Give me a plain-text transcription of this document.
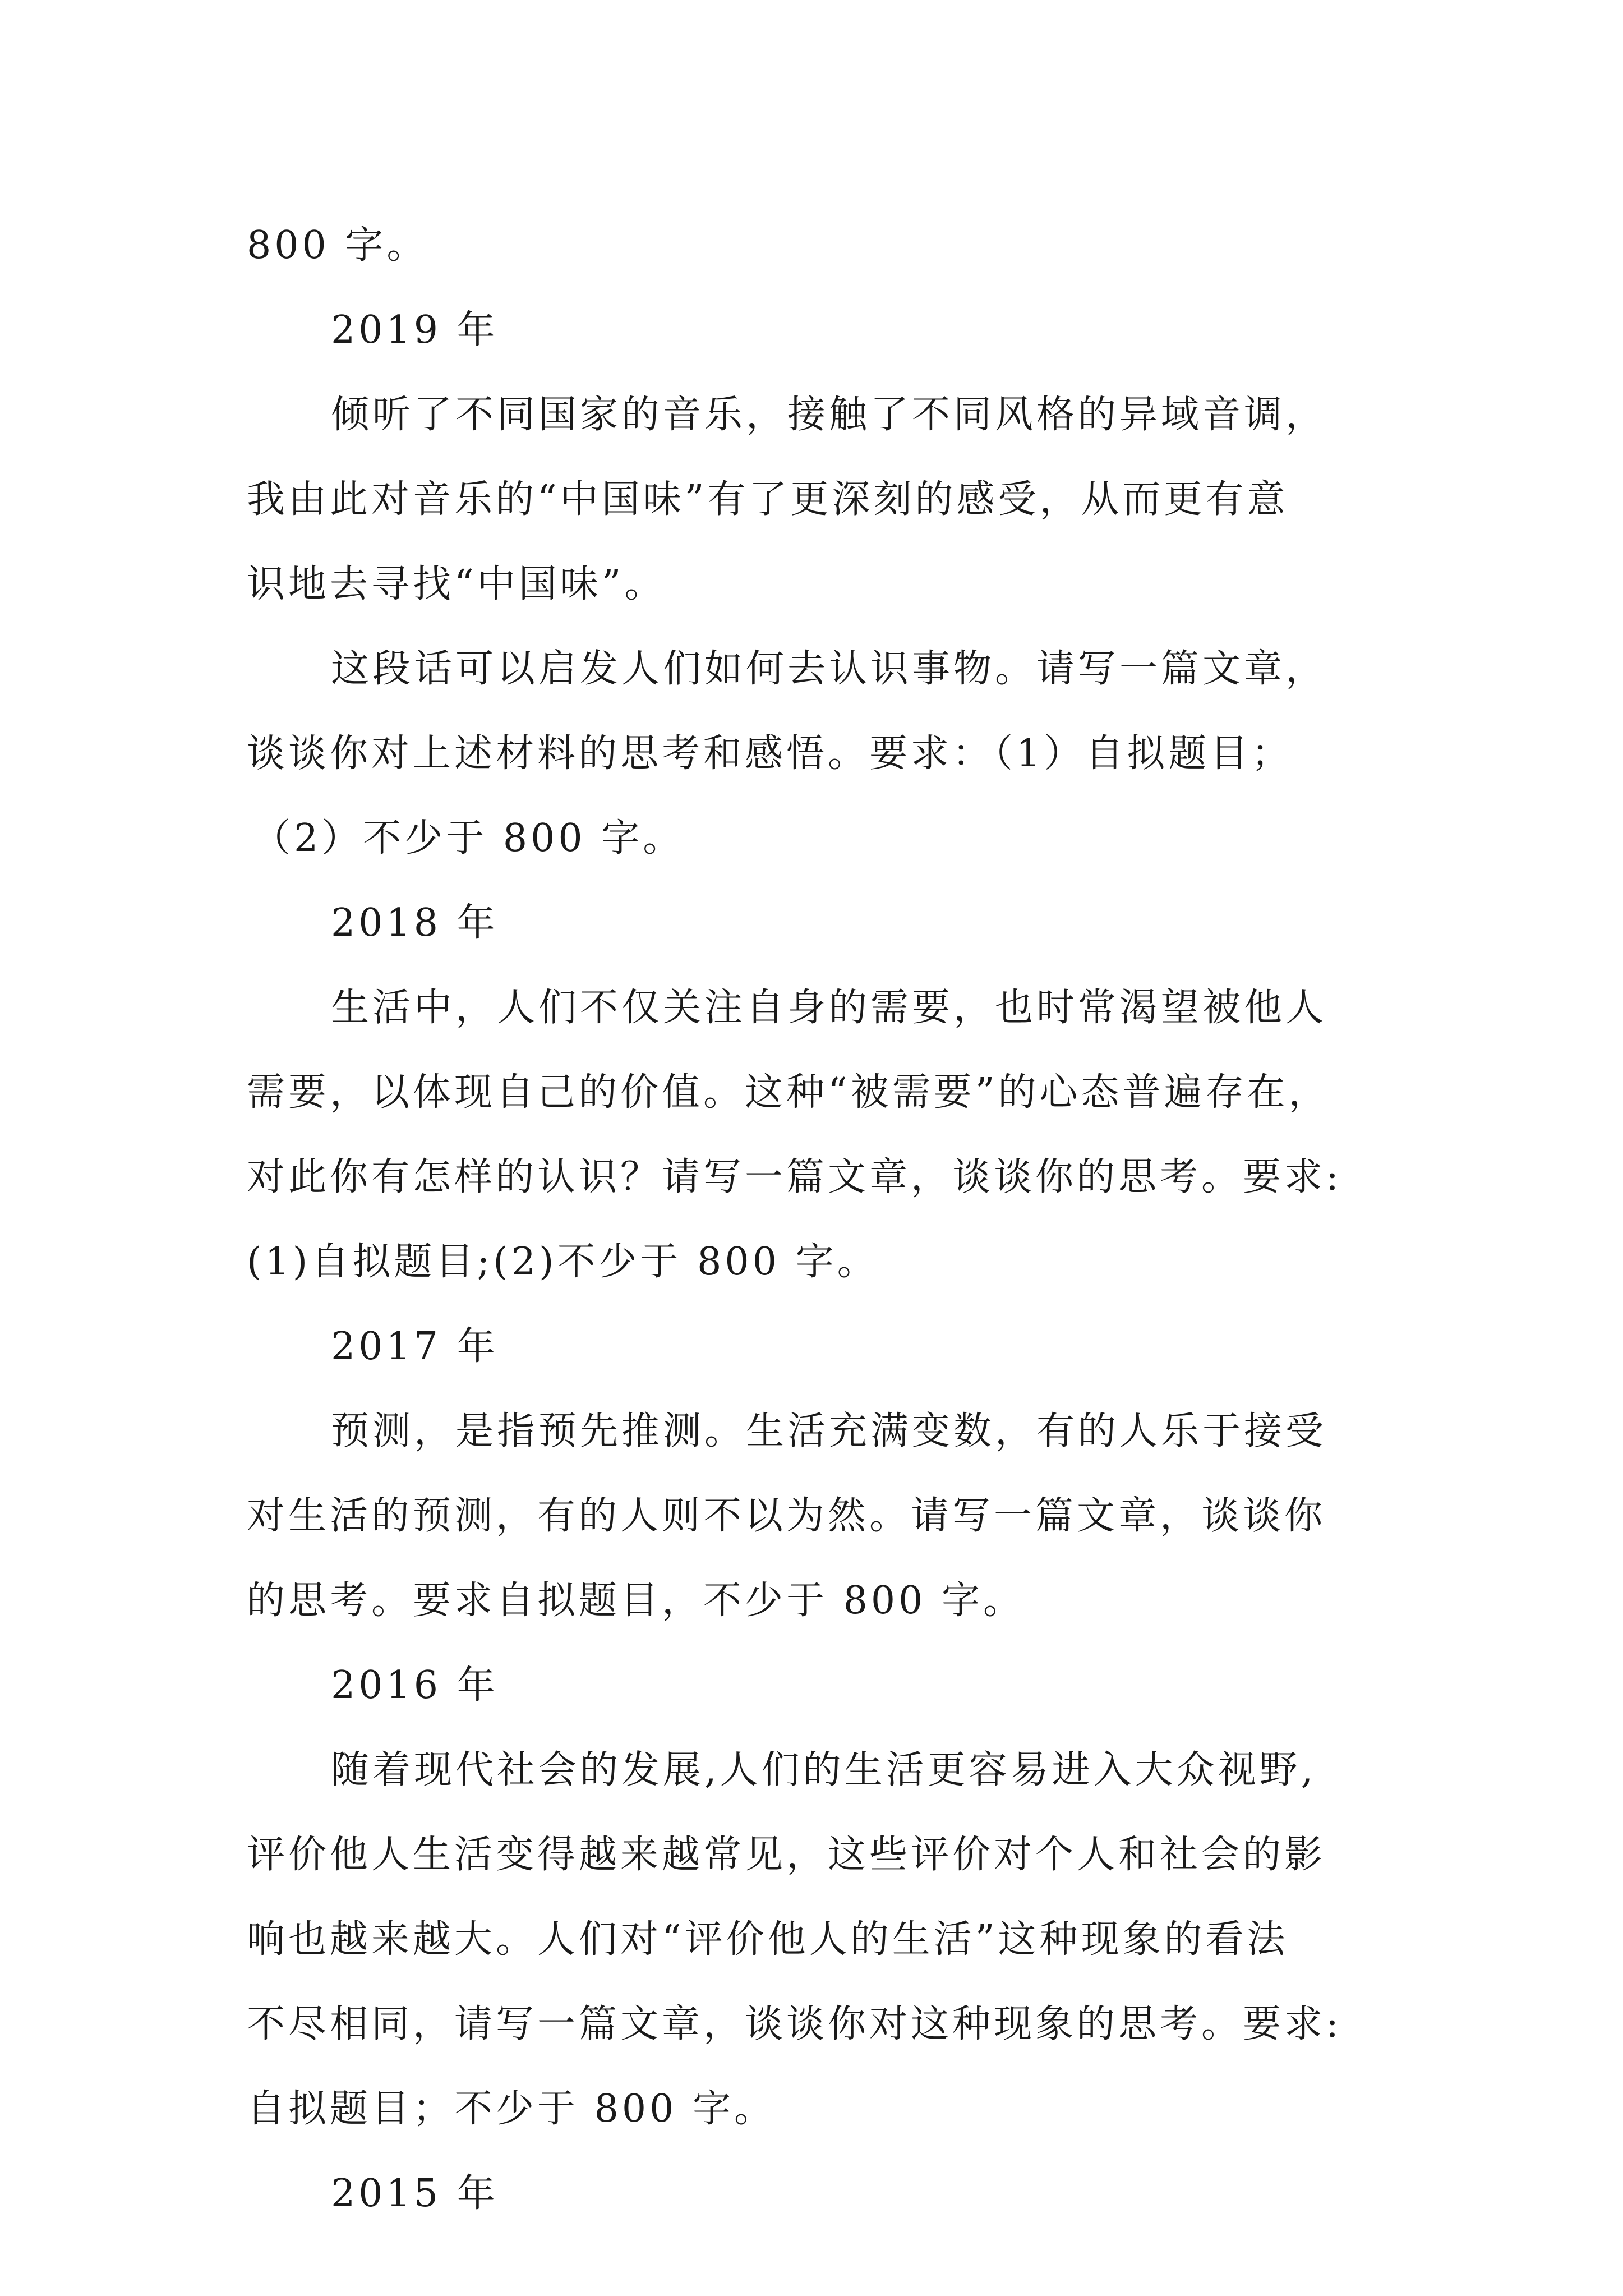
800 字。
2019 年
倾听了不同国家的音乐，接触了不同风格的异域音调，
我由此对音乐的“中国味”有了更深刻的感受，从而更有意
识地去寻找“中国味”。
这段话可以启发人们如何去认识事物。请写一篇文章，
谈谈你对上述材料的思考和感悟。要求：（1）自拟题目；
（2）不少于 800 字。
2018 年
生活中，人们不仅关注自身的需要，也时常渴望被他人
需要，以体现自己的价值。这种“被需要”的心态普遍存在，
对此你有怎样的认识？请写一篇文章，谈谈你的思考。要求:
(1)自拟题目;(2)不少于 800 字。
2017 年
预测，是指预先推测。生活充满变数，有的人乐于接受
对生活的预测，有的人则不以为然。请写一篇文章，谈谈你
的思考。要求自拟题目，不少于 800 字。
2016 年
随着现代社会的发展,人们的生活更容易进入大众视野,
评价他人生活变得越来越常见，这些评价对个人和社会的影
响也越来越大。人们对“评价他人的生活”这种现象的看法
不尽相同，请写一篇文章，谈谈你对这种现象的思考。要求:
自拟题目；不少于 800 字。
2015 年
